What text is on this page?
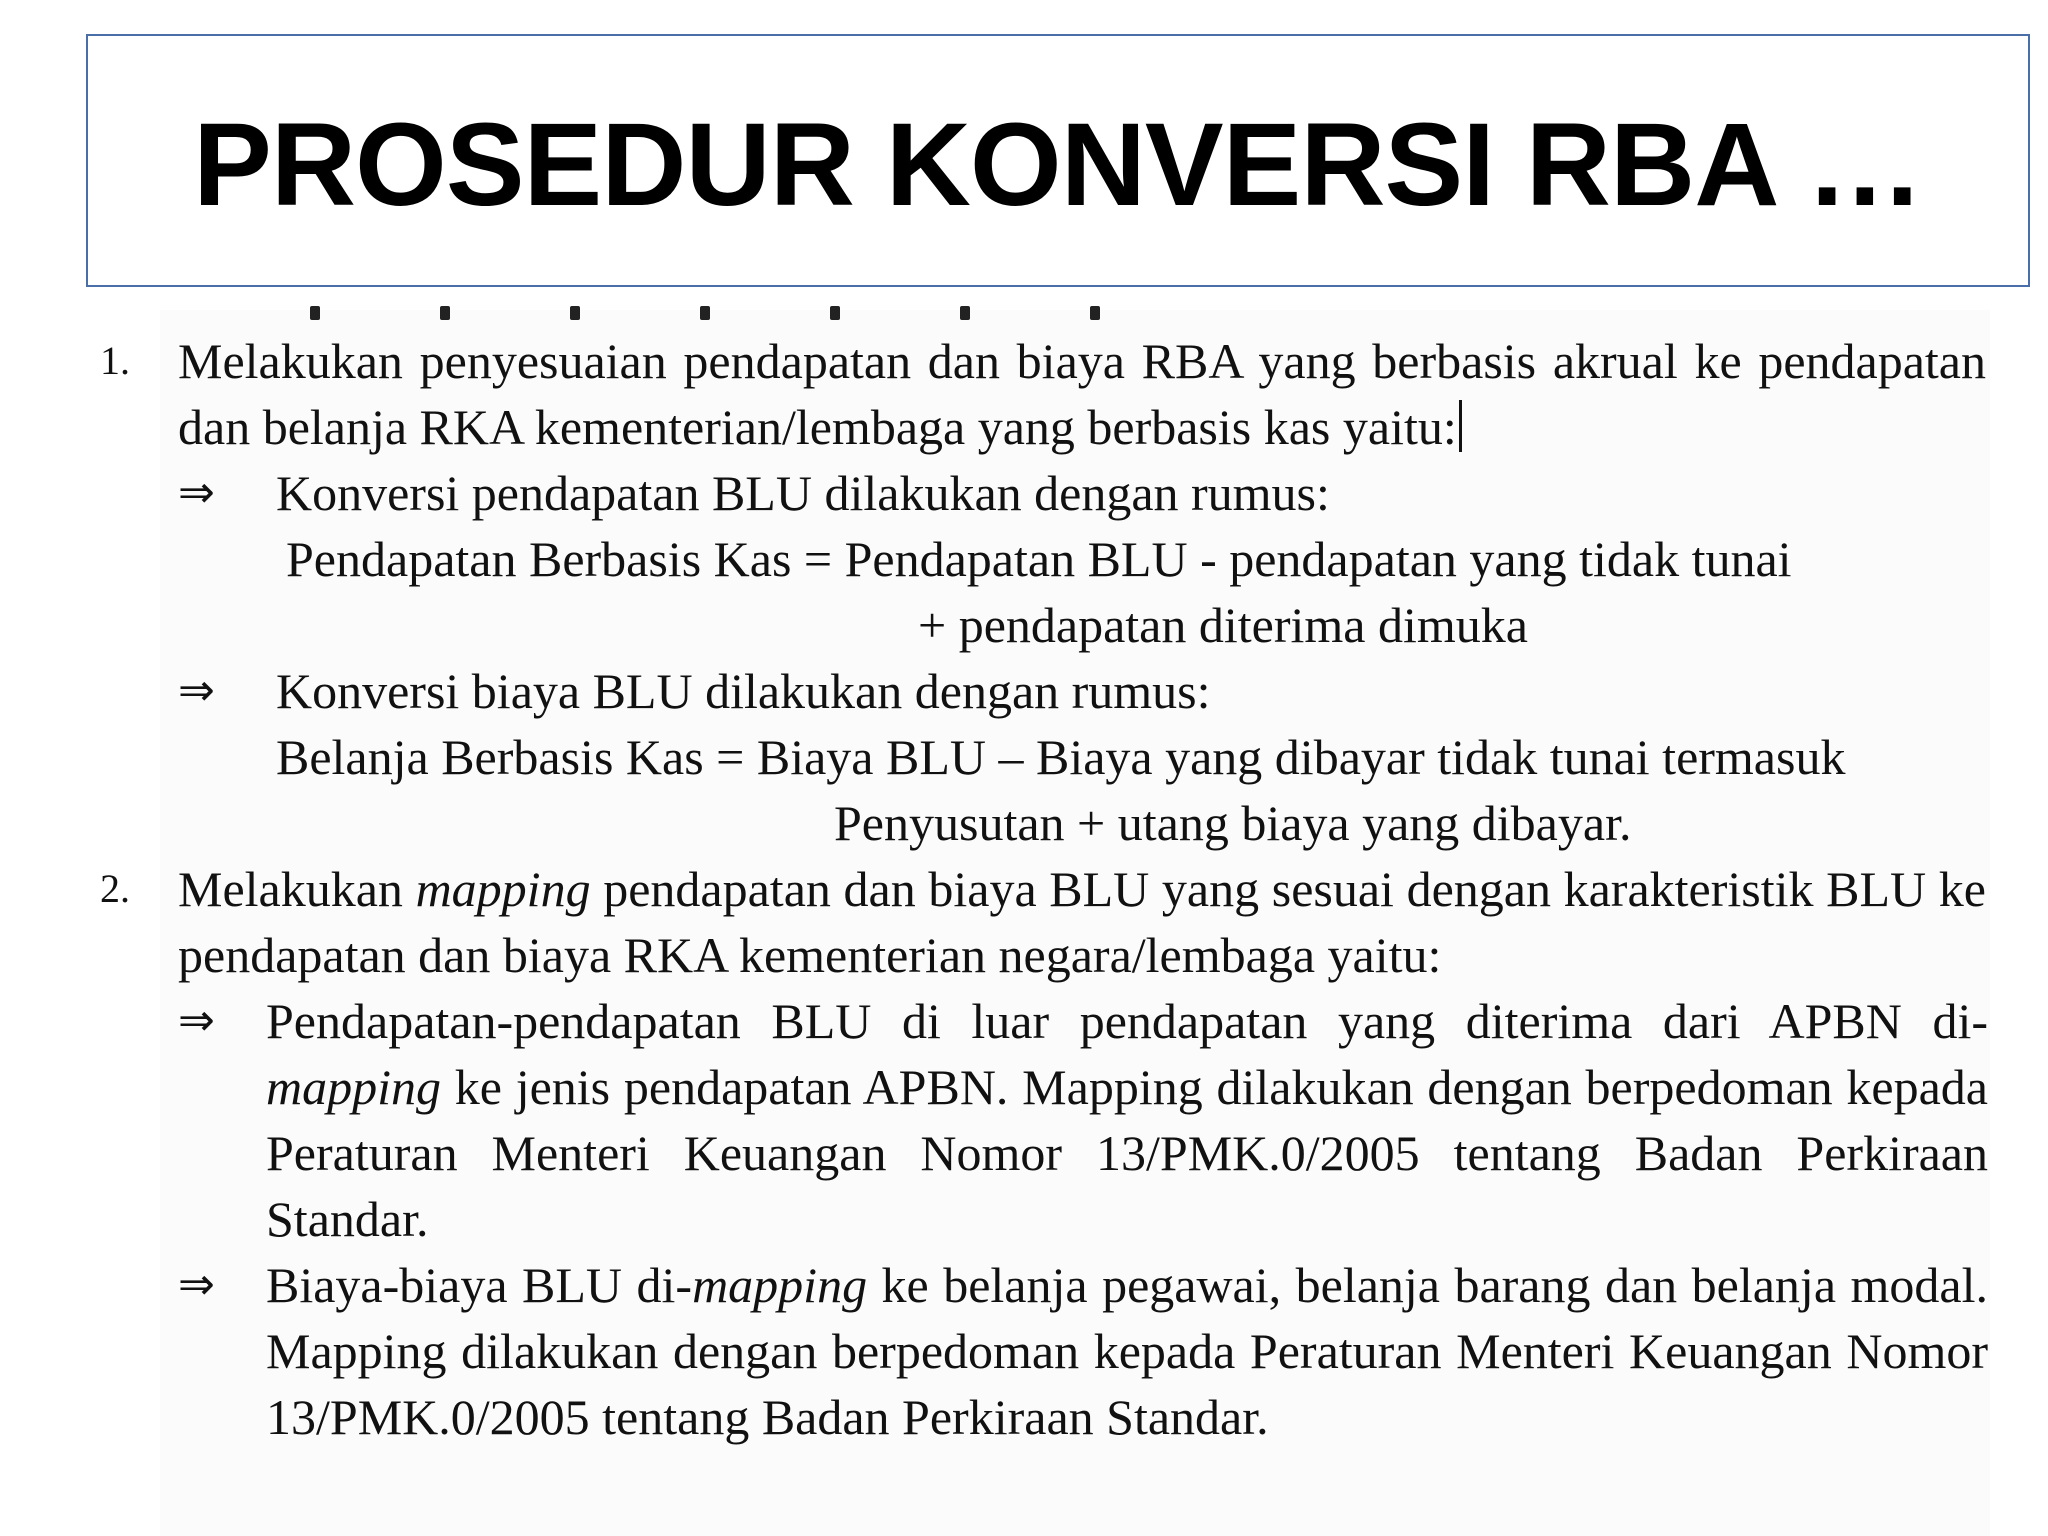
PROSEDUR KONVERSI RBA …
1. Melakukan penyesuaian pendapatan dan biaya RBA yang berbasis akrual ke pendapatan dan belanja RKA kementerian/lembaga yang berbasis kas yaitu:
⇒ Konversi pendapatan BLU dilakukan dengan rumus:
Pendapatan Berbasis Kas = Pendapatan BLU - pendapatan yang tidak tunai
+ pendapatan diterima dimuka
⇒ Konversi biaya BLU dilakukan dengan rumus:
Belanja Berbasis Kas = Biaya BLU – Biaya yang dibayar tidak tunai termasuk
Penyusutan + utang biaya yang dibayar.
2. Melakukan mapping pendapatan dan biaya BLU yang sesuai dengan karakteristik BLU ke pendapatan dan biaya RKA kementerian negara/lembaga yaitu:
⇒ Pendapatan-pendapatan BLU di luar pendapatan yang diterima dari APBN di-mapping ke jenis pendapatan APBN. Mapping dilakukan dengan berpedoman kepada Peraturan Menteri Keuangan Nomor 13/PMK.0/2005 tentang Badan Perkiraan Standar.
⇒ Biaya-biaya BLU di-mapping ke belanja pegawai, belanja barang dan belanja modal. Mapping dilakukan dengan berpedoman kepada Peraturan Menteri Keuangan Nomor 13/PMK.0/2005 tentang Badan Perkiraan Standar.
